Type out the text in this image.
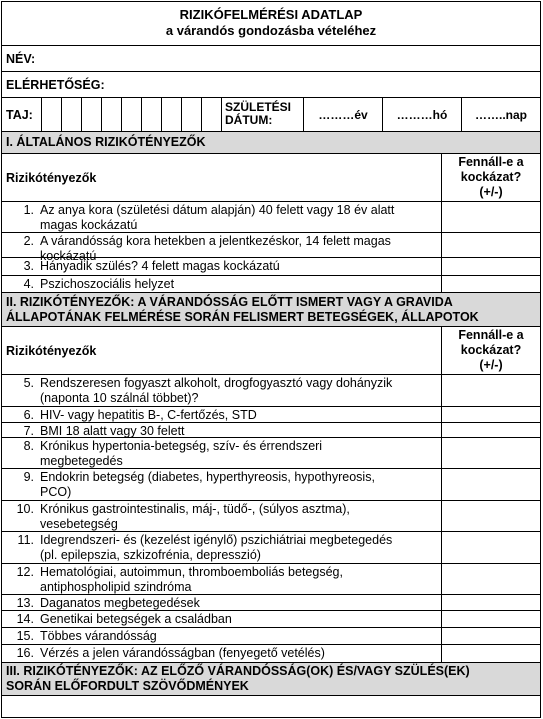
RIZIKÓFELMÉRÉSI ADATLAP
a várandós gondozásba vételéhez
NÉV:
ELÉRHETŐSÉG:
TAJ:
SZÜLETÉSI
DÁTUM:	………év	………hó	……..nap
I. ÁLTALÁNOS RIZIKÓTÉNYEZŐK
Rizikótényezők
Fennáll-e a
kockázat?
(+/-)
1. Az anya kora (születési dátum alapján) 40 felett vagy 18 év alatt
magas kockázatú
2. A várandósság kora hetekben a jelentkezéskor, 14 felett magas
kockázatú
3. Hányadik szülés? 4 felett magas kockázatú
4. Pszichoszociális helyzet
II. RIZIKÓTÉNYEZŐK: A VÁRANDÓSSÁG ELŐTT ISMERT VAGY A GRAVIDA
ÁLLAPOTÁNAK FELMÉRÉSE SORÁN FELISMERT BETEGSÉGEK, ÁLLAPOTOK
Rizikótényezők
Fennáll-e a
kockázat?
(+/-)
5. Rendszeresen fogyaszt alkoholt, drogfogyasztó vagy dohányzik
(naponta 10 szálnál többet)?
6. HIV- vagy hepatitis B-, C-fertőzés, STD
7. BMI 18 alatt vagy 30 felett
8. Krónikus hypertonia-betegség, szív- és érrendszeri
megbetegedés
9. Endokrin betegség (diabetes, hyperthyreosis, hypothyreosis,
PCO)
10. Krónikus gastrointestinalis, máj-, tüdő-, (súlyos asztma),
vesebetegség
11. Idegrendszeri- és (kezelést igénylő) pszichiátriai megbetegedés
(pl. epilepszia, szkizofrénia, depresszió)
12. Hematológiai, autoimmun, thromboemboliás betegség,
antiphospholipid szindróma
13. Daganatos megbetegedések
14. Genetikai betegségek a családban
15. Többes várandósság
16. Vérzés a jelen várandósságban (fenyegető vetélés)
III. RIZIKÓTÉNYEZŐK: AZ ELŐZŐ VÁRANDÓSSÁG(OK) ÉS/VAGY SZÜLÉS(EK)
SORÁN ELŐFORDULT SZÖVŐDMÉNYEK
